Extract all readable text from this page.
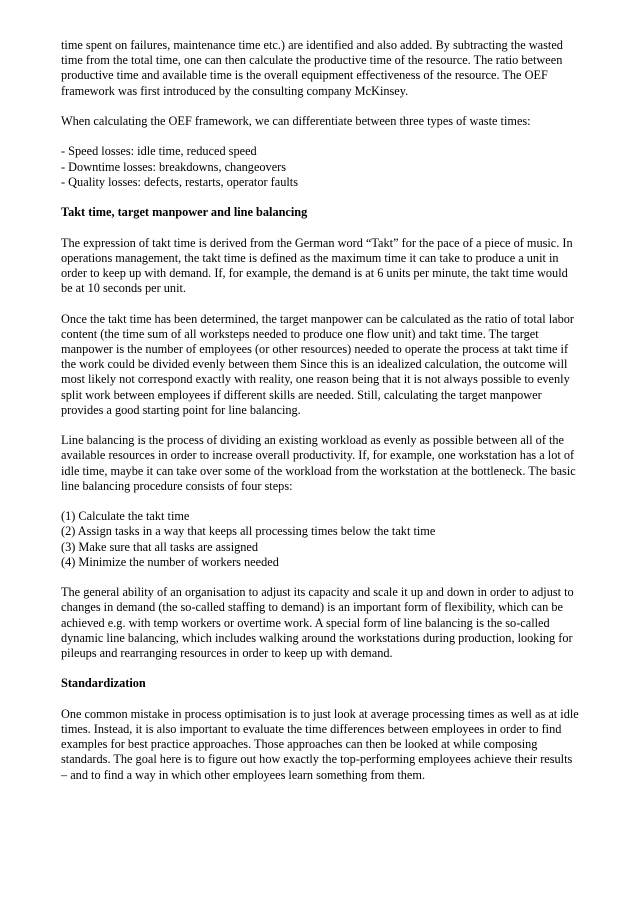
time spent on failures, maintenance time etc.) are identified and also added. By subtracting the wasted time from the total time, one can then calculate the productive time of the resource. The ratio between productive time and available time is the overall equipment effectiveness of the resource. The OEF framework was first introduced by the consulting company McKinsey.

When calculating the OEF framework, we can differentiate between three types of waste times:

- Speed losses: idle time, reduced speed
- Downtime losses: breakdowns, changeovers
- Quality losses: defects, restarts, operator faults

Takt time, target manpower and line balancing

The expression of takt time is derived from the German word “Takt” for the pace of a piece of music. In operations management, the takt time is defined as the maximum time it can take to produce a unit in order to keep up with demand. If, for example, the demand is at 6 units per minute, the takt time would be at 10 seconds per unit.

Once the takt time has been determined, the target manpower can be calculated as the ratio of total labor content (the time sum of all worksteps needed to produce one flow unit) and takt time. The target manpower is the number of employees (or other resources) needed to operate the process at takt time if the work could be divided evenly between them Since this is an idealized calculation, the outcome will most likely not correspond exactly with reality, one reason being that it is not always possible to evenly split work between employees if different skills are needed. Still, calculating the target manpower provides a good starting point for line balancing.

Line balancing is the process of dividing an existing workload as evenly as possible between all of the available resources in order to increase overall productivity. If, for example, one workstation has a lot of idle time, maybe it can take over some of the workload from the workstation at the bottleneck. The basic line balancing procedure consists of four steps:

(1) Calculate the takt time
(2) Assign tasks in a way that keeps all processing times below the takt time
(3) Make sure that all tasks are assigned
(4) Minimize the number of workers needed

The general ability of an organisation to adjust its capacity and scale it up and down in order to adjust to changes in demand (the so-called staffing to demand) is an important form of flexibility, which can be achieved e.g. with temp workers or overtime work. A special form of line balancing is the so-called dynamic line balancing, which includes walking around the workstations during production, looking for pileups and rearranging resources in order to keep up with demand.

Standardization

One common mistake in process optimisation is to just look at average processing times as well as at idle times. Instead, it is also important to evaluate the time differences between employees in order to find examples for best practice approaches. Those approaches can then be looked at while composing standards. The goal here is to figure out how exactly the top-performing employees achieve their results – and to find a way in which other employees learn something from them.
